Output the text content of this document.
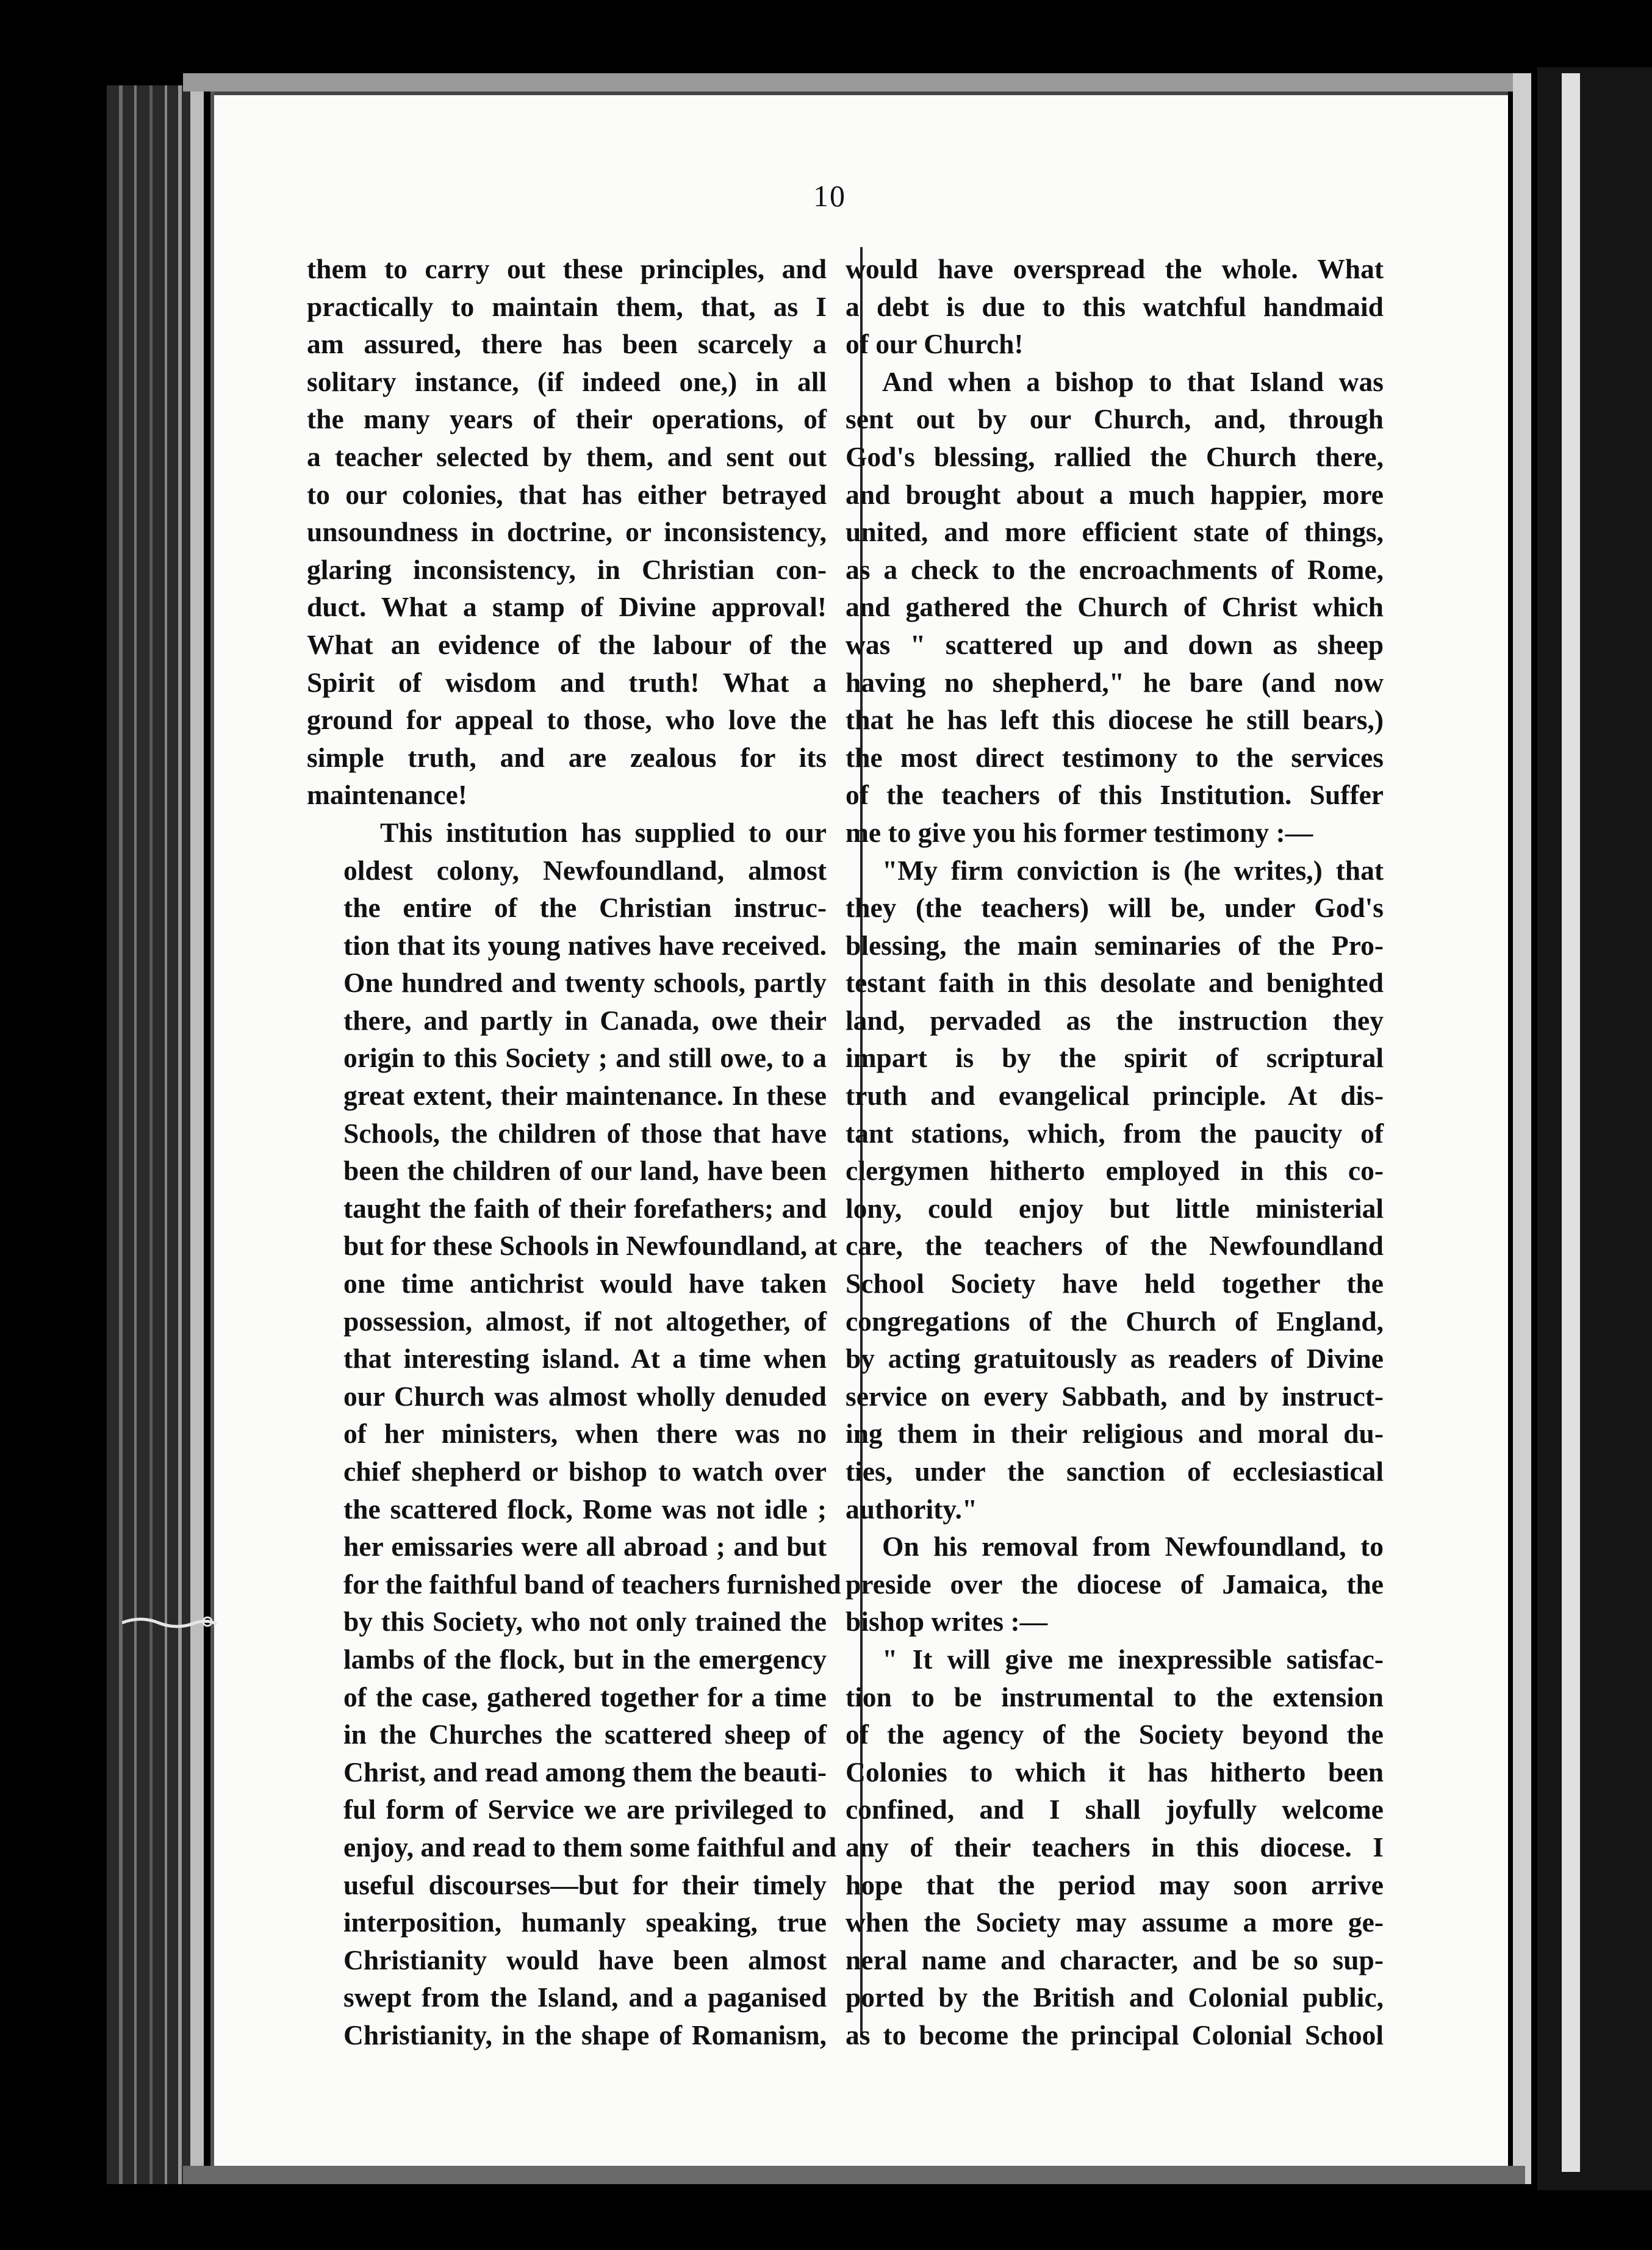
10

them to carry out these principles, and
practically to maintain them, that, as I
am assured, there has been scarcely a
solitary instance, (if indeed one,) in all
the many years of their operations, of
a teacher selected by them, and sent out
to our colonies, that has either betrayed
unsoundness in doctrine, or inconsistency,
glaring inconsistency, in Christian con-
duct. What a stamp of Divine approval!
What an evidence of the labour of the
Spirit of wisdom and truth! What a
ground for appeal to those, who love the
simple truth, and are zealous for its
maintenance!

This institution has supplied to our
oldest colony, Newfoundland, almost
the entire of the Christian instruc-
tion that its young natives have received.
One hundred and twenty schools, partly
there, and partly in Canada, owe their
origin to this Society ; and still owe, to a
great extent, their maintenance. In these
Schools, the children of those that have
been the children of our land, have been
taught the faith of their forefathers; and
but for these Schools in Newfoundland, at
one time antichrist would have taken
possession, almost, if not altogether, of
that interesting island. At a time when
our Church was almost wholly denuded
of her ministers, when there was no
chief shepherd or bishop to watch over
the scattered flock, Rome was not idle ;
her emissaries were all abroad ; and but
for the faithful band of teachers furnished
by this Society, who not only trained the
lambs of the flock, but in the emergency
of the case, gathered together for a time
in the Churches the scattered sheep of
Christ, and read among them the beauti-
ful form of Service we are privileged to
enjoy, and read to them some faithful and
useful discourses—but for their timely
interposition, humanly speaking, true
Christianity would have been almost
swept from the Island, and a paganised
Christianity, in the shape of Romanism,

would have overspread the whole. What
a debt is due to this watchful handmaid
of our Church!

And when a bishop to that Island was
sent out by our Church, and, through
God's blessing, rallied the Church there,
and brought about a much happier, more
united, and more efficient state of things,
as a check to the encroachments of Rome,
and gathered the Church of Christ which
was " scattered up and down as sheep
having no shepherd," he bare (and now
that he has left this diocese he still bears,)
the most direct testimony to the services
of the teachers of this Institution. Suffer
me to give you his former testimony :—

"My firm conviction is (he writes,) that
they (the teachers) will be, under God's
blessing, the main seminaries of the Pro-
testant faith in this desolate and benighted
land, pervaded as the instruction they
impart is by the spirit of scriptural
truth and evangelical principle. At dis-
tant stations, which, from the paucity of
clergymen hitherto employed in this co-
lony, could enjoy but little ministerial
care, the teachers of the Newfoundland
School Society have held together the
congregations of the Church of England,
by acting gratuitously as readers of Divine
service on every Sabbath, and by instruct-
ing them in their religious and moral du-
ties, under the sanction of ecclesiastical
authority."

On his removal from Newfoundland, to
preside over the diocese of Jamaica, the
bishop writes :—

" It will give me inexpressible satisfac-
tion to be instrumental to the extension
of the agency of the Society beyond the
Colonies to which it has hitherto been
confined, and I shall joyfully welcome
any of their teachers in this diocese. I
hope that the period may soon arrive
when the Society may assume a more ge-
neral name and character, and be so sup-
ported by the British and Colonial public,
as to become the principal Colonial School
